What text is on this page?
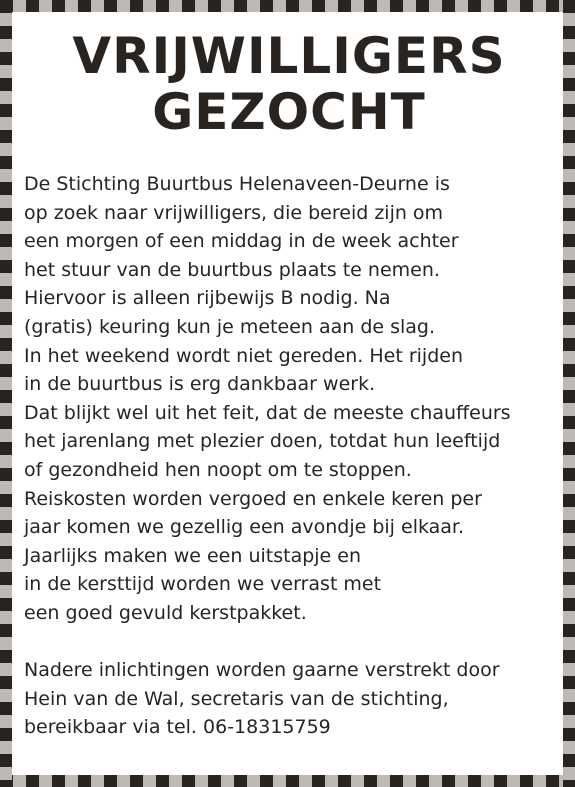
VRIJWILLIGERS
GEZOCHT
De Stichting Buurtbus Helenaveen-Deurne is
op zoek naar vrijwilligers, die bereid zijn om
een morgen of een middag in de week achter
het stuur van de buurtbus plaats te nemen.
Hiervoor is alleen rijbewijs B nodig. Na
(gratis) keuring kun je meteen aan de slag.
In het weekend wordt niet gereden. Het rijden
in de buurtbus is erg dankbaar werk.
Dat blijkt wel uit het feit, dat de meeste chauffeurs
het jarenlang met plezier doen, totdat hun leeftijd
of gezondheid hen noopt om te stoppen.
Reiskosten worden vergoed en enkele keren per
jaar komen we gezellig een avondje bij elkaar.
Jaarlijks maken we een uitstapje en
in de kersttijd worden we verrast met
een goed gevuld kerstpakket.
Nadere inlichtingen worden gaarne verstrekt door
Hein van de Wal, secretaris van de stichting,
bereikbaar via tel. 06-18315759
